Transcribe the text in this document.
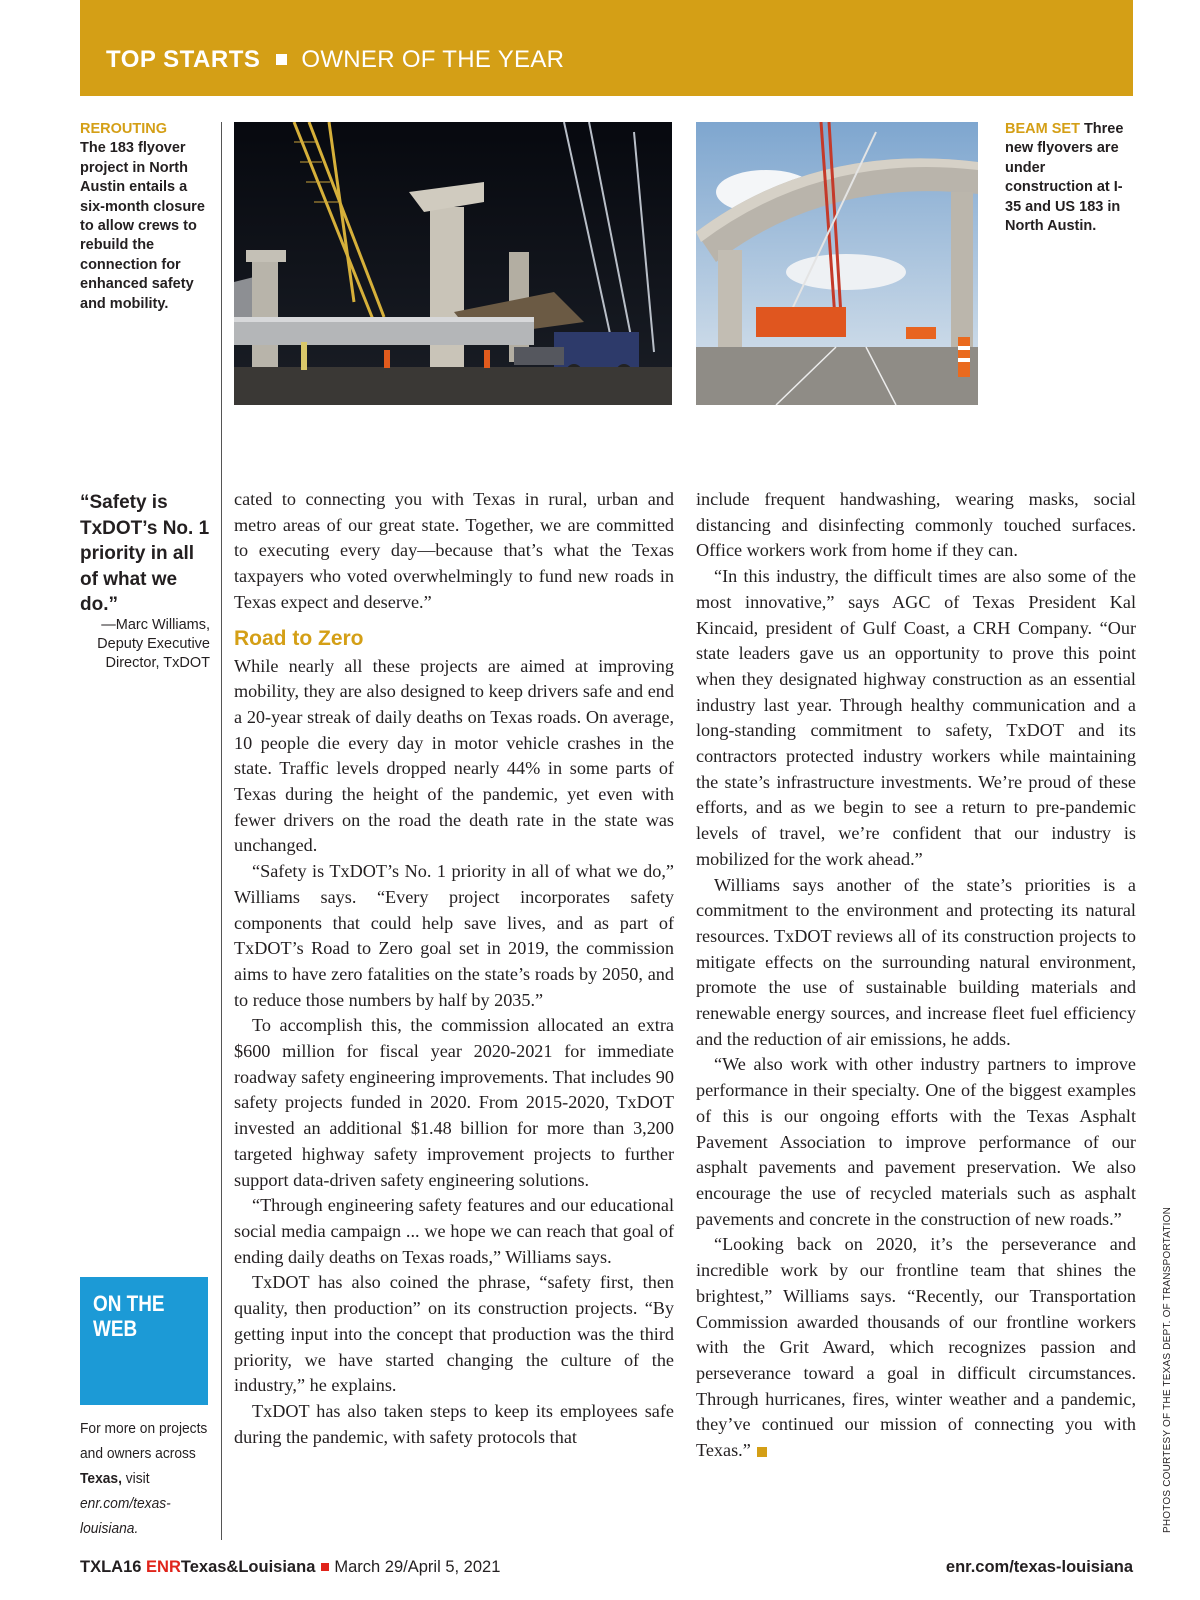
TOP STARTS OWNER OF THE YEAR
REROUTING
The 183 flyover project in North Austin entails a six-month closure to allow crews to rebuild the connection for enhanced safety and mobility.
BEAM SET Three new flyovers are under construction at I-35 and US 183 in North Austin.
“Safety is TxDOT’s No. 1 priority in all of what we do.”
—Marc Williams, Deputy Executive Director, TxDOT
ON THE WEB
For more on projects and owners across Texas, visit enr.com/texas-louisiana.

cated to connecting you with Texas in rural, urban and metro areas of our great state. Together, we are committed to executing every day—because that’s what the Texas taxpayers who voted overwhelmingly to fund new roads in Texas expect and deserve.”

Road to Zero

While nearly all these projects are aimed at improving mobility, they are also designed to keep drivers safe and end a 20-year streak of daily deaths on Texas roads. On average, 10 people die every day in motor vehicle crashes in the state. Traffic levels dropped nearly 44% in some parts of Texas during the height of the pandemic, yet even with fewer drivers on the road the death rate in the state was unchanged.

“Safety is TxDOT’s No. 1 priority in all of what we do,” Williams says. “Every project incorporates safety components that could help save lives, and as part of TxDOT’s Road to Zero goal set in 2019, the commission aims to have zero fatalities on the state’s roads by 2050, and to reduce those numbers by half by 2035.”

To accomplish this, the commission allocated an extra $600 million for fiscal year 2020-2021 for immediate roadway safety engineering improvements. That includes 90 safety projects funded in 2020. From 2015-2020, TxDOT invested an additional $1.48 billion for more than 3,200 targeted highway safety improvement projects to further support data-driven safety engineering solutions.

“Through engineering safety features and our educational social media campaign ... we hope we can reach that goal of ending daily deaths on Texas roads,” Williams says.

TxDOT has also coined the phrase, “safety first, then quality, then production” on its construction projects. “By getting input into the concept that production was the third priority, we have started changing the culture of the industry,” he explains.

TxDOT has also taken steps to keep its employees safe during the pandemic, with safety protocols that

include frequent handwashing, wearing masks, social distancing and disinfecting commonly touched surfaces. Office workers work from home if they can.

“In this industry, the difficult times are also some of the most innovative,” says AGC of Texas President Kal Kincaid, president of Gulf Coast, a CRH Company. “Our state leaders gave us an opportunity to prove this point when they designated highway construction as an essential industry last year. Through healthy communication and a long-standing commitment to safety, TxDOT and its contractors protected industry workers while maintaining the state’s infrastructure investments. We’re proud of these efforts, and as we begin to see a return to pre-pandemic levels of travel, we’re confident that our industry is mobilized for the work ahead.”

Williams says another of the state’s priorities is a commitment to the environment and protecting its natural resources. TxDOT reviews all of its construction projects to mitigate effects on the surrounding natural environment, promote the use of sustainable building materials and renewable energy sources, and increase fleet fuel efficiency and the reduction of air emissions, he adds.

“We also work with other industry partners to improve performance in their specialty. One of the biggest examples of this is our ongoing efforts with the Texas Asphalt Pavement Association to improve performance of our asphalt pavements and pavement preservation. We also encourage the use of recycled materials such as asphalt pavements and concrete in the construction of new roads.”

“Looking back on 2020, it’s the perseverance and incredible work by our frontline team that shines the brightest,” Williams says. “Recently, our Transportation Commission awarded thousands of our frontline workers with the Grit Award, which recognizes passion and perseverance toward a goal in difficult circumstances. Through hurricanes, fires, winter weather and a pandemic, they’ve continued our mission of connecting you with Texas.”	PHOTOS COURTESY OF THE TEXAS DEPT. OF TRANSPORTATION
TXLA16 ENRTexas&Louisiana March 29/April 5, 2021	enr.com/texas-louisiana
